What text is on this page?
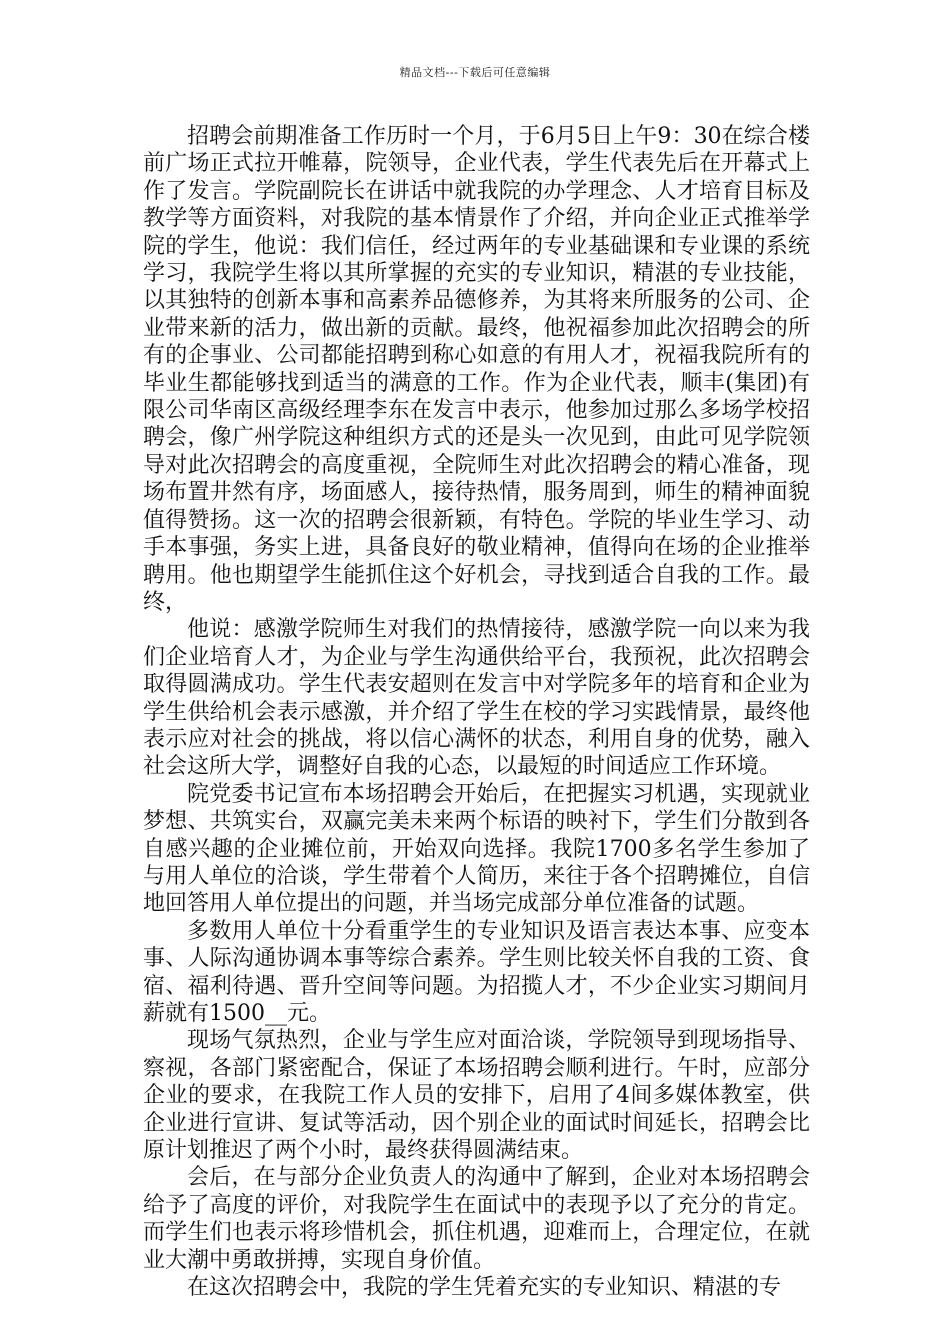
精品文档---下载后可任意编辑

招聘会前期准备工作历时一个月，于6月5日上午9：30在综合楼前广场正式拉开帷幕，院领导，企业代表，学生代表先后在开幕式上作了发言。学院副院长在讲话中就我院的办学理念、人才培育目标及教学等方面资料，对我院的基本情景作了介绍，并向企业正式推举学院的学生，他说：我们信任，经过两年的专业基础课和专业课的系统学习，我院学生将以其所掌握的充实的专业知识，精湛的专业技能，以其独特的创新本事和高素养品德修养，为其将来所服务的公司、企业带来新的活力，做出新的贡献。最终，他祝福参加此次招聘会的所有的企事业、公司都能招聘到称心如意的有用人才，祝福我院所有的毕业生都能够找到适当的满意的工作。作为企业代表，顺丰(集团)有限公司华南区高级经理李东在发言中表示，他参加过那么多场学校招聘会，像广州学院这种组织方式的还是头一次见到，由此可见学院领导对此次招聘会的高度重视，全院师生对此次招聘会的精心准备，现场布置井然有序，场面感人，接待热情，服务周到，师生的精神面貌值得赞扬。这一次的招聘会很新颖，有特色。学院的毕业生学习、动手本事强，务实上进，具备良好的敬业精神，值得向在场的企业推举聘用。他也期望学生能抓住这个好机会，寻找到适合自我的工作。最终，

他说：感激学院师生对我们的热情接待，感激学院一向以来为我们企业培育人才，为企业与学生沟通供给平台，我预祝，此次招聘会取得圆满成功。学生代表安超则在发言中对学院多年的培育和企业为学生供给机会表示感激，并介绍了学生在校的学习实践情景，最终他表示应对社会的挑战，将以信心满怀的状态，利用自身的优势，融入社会这所大学，调整好自我的心态，以最短的时间适应工作环境。

院党委书记宣布本场招聘会开始后，在把握实习机遇，实现就业梦想、共筑实台，双赢完美未来两个标语的映衬下，学生们分散到各自感兴趣的企业摊位前，开始双向选择。我院1700多名学生参加了与用人单位的洽谈，学生带着个人简历，来往于各个招聘摊位，自信地回答用人单位提出的问题，并当场完成部分单位准备的试题。

多数用人单位十分看重学生的专业知识及语言表达本事、应变本事、人际沟通协调本事等综合素养。学生则比较关怀自我的工资、食宿、福利待遇、晋升空间等问题。为招揽人才，不少企业实习期间月薪就有1500__元。

现场气氛热烈，企业与学生应对面洽谈，学院领导到现场指导、察视，各部门紧密配合，保证了本场招聘会顺利进行。午时，应部分企业的要求，在我院工作人员的安排下，启用了4间多媒体教室，供企业进行宣讲、复试等活动，因个别企业的面试时间延长，招聘会比原计划推迟了两个小时，最终获得圆满结束。

会后，在与部分企业负责人的沟通中了解到，企业对本场招聘会给予了高度的评价，对我院学生在面试中的表现予以了充分的肯定。而学生们也表示将珍惜机会，抓住机遇，迎难而上，合理定位，在就业大潮中勇敢拼搏，实现自身价值。

在这次招聘会中，我院的学生凭着充实的专业知识、精湛的专
